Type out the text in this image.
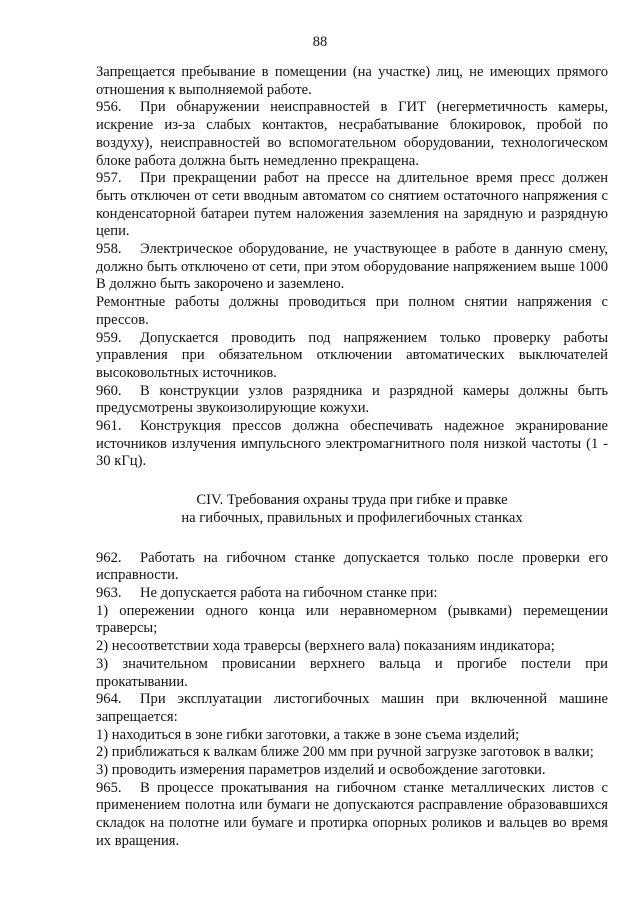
88

Запрещается пребывание в помещении (на участке) лиц, не имеющих прямого отношения к выполняемой работе.

956. При обнаружении неисправностей в ГИТ (негерметичность камеры, искрение из-за слабых контактов, несрабатывание блокировок, пробой по воздуху), неисправностей во вспомогательном оборудовании, технологическом блоке работа должна быть немедленно прекращена.

957. При прекращении работ на прессе на длительное время пресс должен быть отключен от сети вводным автоматом со снятием остаточного напряжения с конденсаторной батареи путем наложения заземления на зарядную и разрядную цепи.

958. Электрическое оборудование, не участвующее в работе в данную смену, должно быть отключено от сети, при этом оборудование напряжением выше 1000 В должно быть закорочено и заземлено.

Ремонтные работы должны проводиться при полном снятии напряжения с прессов.

959. Допускается проводить под напряжением только проверку работы управления при обязательном отключении автоматических выключателей высоковольтных источников.

960. В конструкции узлов разрядника и разрядной камеры должны быть предусмотрены звукоизолирующие кожухи.

961. Конструкция прессов должна обеспечивать надежное экранирование источников излучения импульсного электромагнитного поля низкой частоты (1 - 30 кГц).

CIV. Требования охраны труда при гибке и правке
на гибочных, правильных и профилегибочных станках

962. Работать на гибочном станке допускается только после проверки его исправности.

963. Не допускается работа на гибочном станке при:

1) опережении одного конца или неравномерном (рывками) перемещении траверсы;

2) несоответствии хода траверсы (верхнего вала) показаниям индикатора;

3) значительном провисании верхнего вальца и прогибе постели при прокатывании.

964. При эксплуатации листогибочных машин при включенной машине запрещается:

1) находиться в зоне гибки заготовки, а также в зоне съема изделий;

2) приближаться к валкам ближе 200 мм при ручной загрузке заготовок в валки;

3) проводить измерения параметров изделий и освобождение заготовки.

965. В процессе прокатывания на гибочном станке металлических листов с применением полотна или бумаги не допускаются расправление образовавшихся складок на полотне или бумаге и протирка опорных роликов и вальцев во время их вращения.
